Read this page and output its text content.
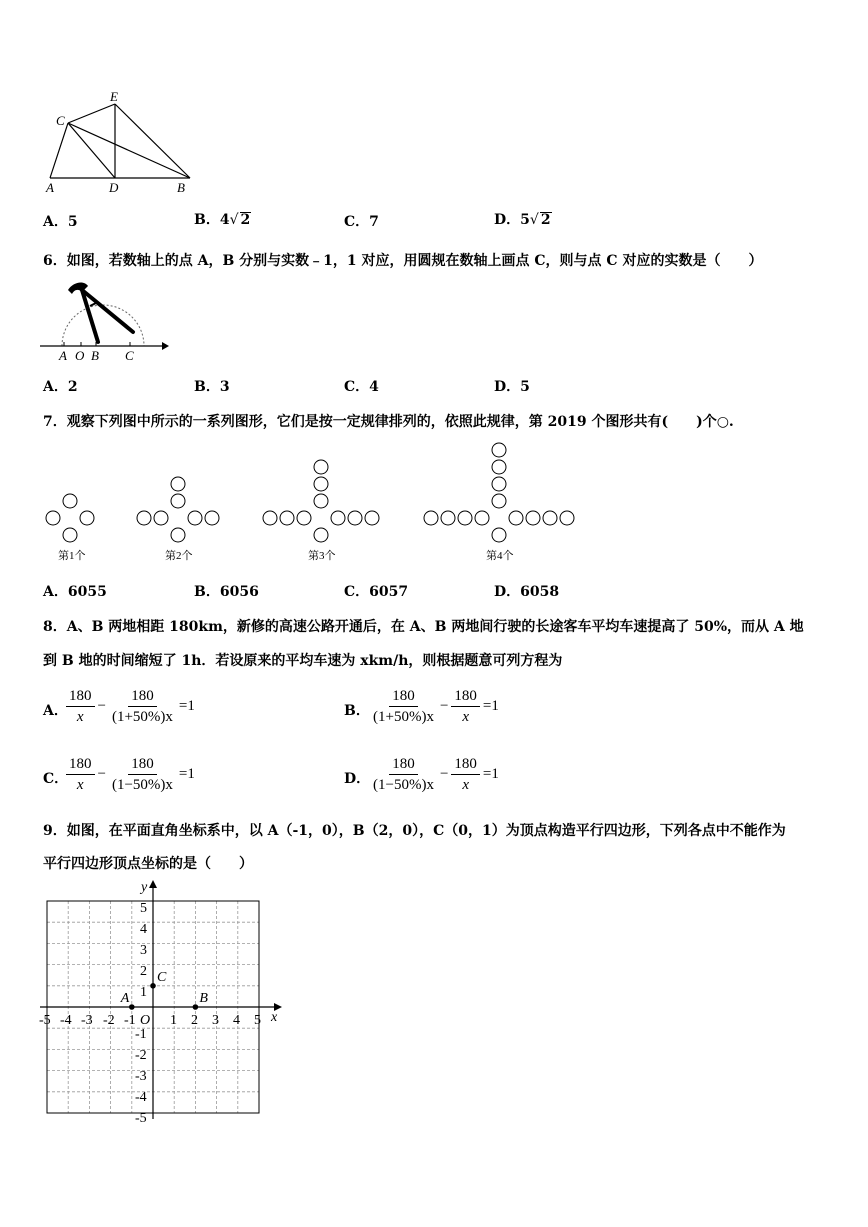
E
C
A	D	B
A．5	B．4√ 2	C．7	D．5√ 2
6．如图，若数轴上的点 A，B 分别与实数﹣1，1 对应，用圆规在数轴上画点 C，则与点 C 对应的实数是（　　）
A O B C
A．2	B．3	C．4	D．5
7．观察下列图中所示的一系列图形，它们是按一定规律排列的，依照此规律，第 2019 个图形共有(　　)个○.
第1个	第2个	第3个	第4个
A．6055	B．6056	C．6057	D．6058
8．A、B 两地相距 180km，新修的高速公路开通后，在 A、B 两地间行驶的长途客车平均车速提高了 50%，而从 A 地
到 B 地的时间缩短了 1h．若设原来的平均车速为 xkm/h，则根据题意可列方程为
A．
$\frac{180}{x} - \frac{180}{(1+50\%)x} =1$	B． $\frac{180}{(1+50\%)x} - \frac{180}{x} =1$
C．
$\frac{180}{x} - \frac{180}{(1-50\%)x} =1$	D． $\frac{180}{(1-50\%)x} - \frac{180}{x} =1$
9．如图，在平面直角坐标系中，以 A（-1，0），B（2，0），C（0，1）为顶点构造平行四边形，下列各点中不能作为
平行四边形顶点坐标的是（　　）
x
y
O
-5 -4 -3 -2 -1 1 2 3 4 5
5
4
3
2
1
-1
-2
-3
-4
-5
A	B
C
